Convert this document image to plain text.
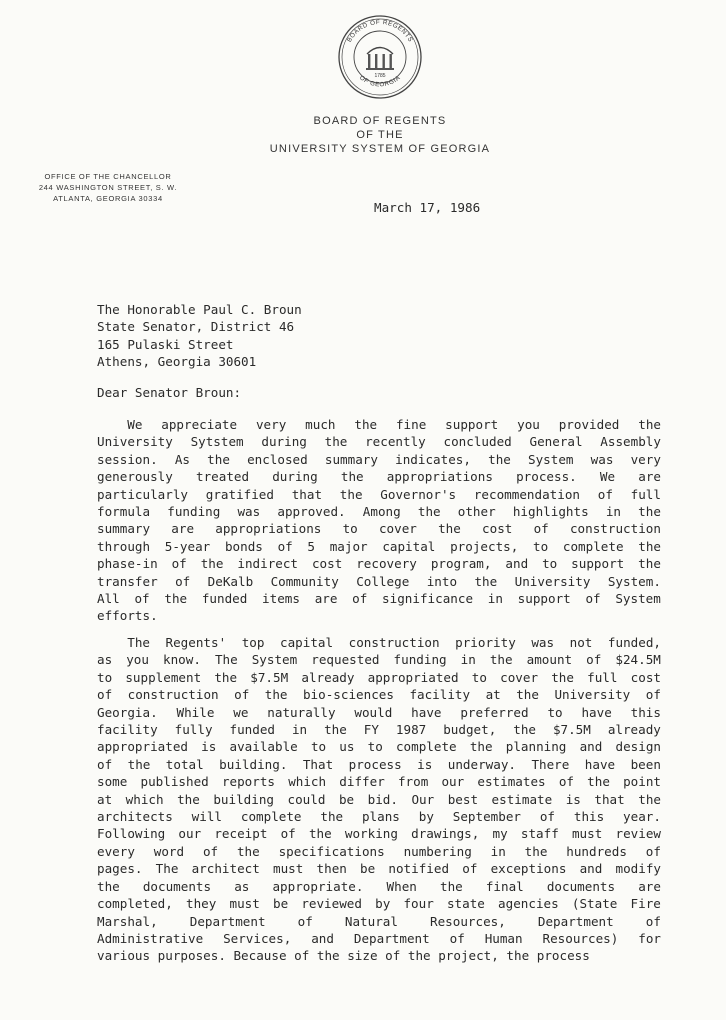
BOARD OF REGENTS
OF GEORGIA
1785
BOARD OF REGENTS
OF THE
UNIVERSITY SYSTEM OF GEORGIA
OFFICE OF THE CHANCELLOR
244 WASHINGTON STREET, S. W.
ATLANTA, GEORGIA 30334
March 17, 1986
The Honorable Paul C. Broun
State Senator, District 46
165 Pulaski Street
Athens, Georgia 30601
Dear Senator Broun:
We appreciate very much the fine support you provided the
University Sytstem during the recently concluded General Assembly
session. As the enclosed summary indicates, the System was very
generously treated during the appropriations process. We are
particularly gratified that the Governor's recommendation of full
formula funding was approved. Among the other highlights in the
summary are appropriations to cover the cost of construction
through 5-year bonds of 5 major capital projects, to complete the
phase-in of the indirect cost recovery program, and to support the
transfer of DeKalb Community College into the University System.
All of the funded items are of significance in support of System
efforts.
The Regents' top capital construction priority was not funded,
as you know. The System requested funding in the amount of $24.5M
to supplement the $7.5M already appropriated to cover the full cost
of construction of the bio-sciences facility at the University of
Georgia. While we naturally would have preferred to have this
facility fully funded in the FY 1987 budget, the $7.5M already
appropriated is available to us to complete the planning and design
of the total building. That process is underway. There have been
some published reports which differ from our estimates of the point
at which the building could be bid. Our best estimate is that the
architects will complete the plans by September of this year.
Following our receipt of the working drawings, my staff must review
every word of the specifications numbering in the hundreds of
pages. The architect must then be notified of exceptions and modify
the documents as appropriate. When the final documents are
completed, they must be reviewed by four state agencies (State Fire
Marshal,	Department	of	Natural	Resources,	Department	of
Administrative Services, and Department of Human Resources) for
various purposes. Because of the size of the project, the process
